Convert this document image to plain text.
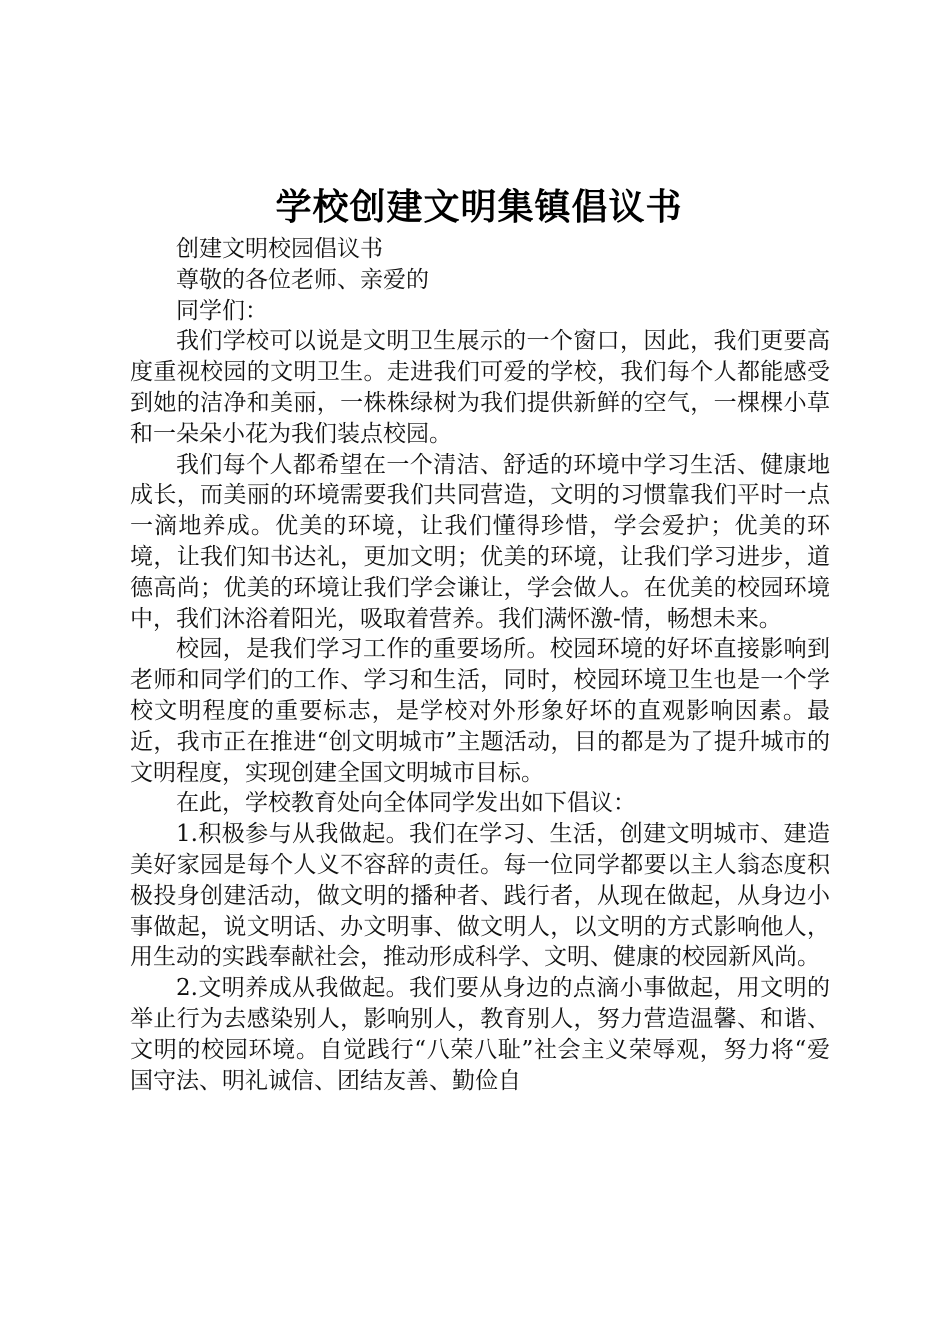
学校创建文明集镇倡议书

创建文明校园倡议书

尊敬的各位老师、亲爱的

同学们：

我们学校可以说是文明卫生展示的一个窗口，因此，我们更要高度重视校园的文明卫生。走进我们可爱的学校，我们每个人都能感受到她的洁净和美丽，一株株绿树为我们提供新鲜的空气，一棵棵小草和一朵朵小花为我们装点校园。

我们每个人都希望在一个清洁、舒适的环境中学习生活、健康地成长，而美丽的环境需要我们共同营造，文明的习惯靠我们平时一点一滴地养成。优美的环境，让我们懂得珍惜，学会爱护；优美的环境，让我们知书达礼，更加文明；优美的环境，让我们学习进步，道德高尚；优美的环境让我们学会谦让，学会做人。在优美的校园环境中，我们沐浴着阳光，吸取着营养。我们满怀激-情，畅想未来。

校园，是我们学习工作的重要场所。校园环境的好坏直接影响到老师和同学们的工作、学习和生活，同时，校园环境卫生也是一个学校文明程度的重要标志，是学校对外形象好坏的直观影响因素。最近，我市正在推进“创文明城市”主题活动，目的都是为了提升城市的文明程度，实现创建全国文明城市目标。

在此，学校教育处向全体同学发出如下倡议：

1.积极参与从我做起。我们在学习、生活，创建文明城市、建造美好家园是每个人义不容辞的责任。每一位同学都要以主人翁态度积极投身创建活动，做文明的播种者、践行者，从现在做起，从身边小事做起，说文明话、办文明事、做文明人，以文明的方式影响他人，用生动的实践奉献社会，推动形成科学、文明、健康的校园新风尚。

2.文明养成从我做起。我们要从身边的点滴小事做起，用文明的举止行为去感染别人，影响别人，教育别人，努力营造温馨、和谐、文明的校园环境。自觉践行“八荣八耻”社会主义荣辱观，努力将“爱国守法、明礼诚信、团结友善、勤俭自
